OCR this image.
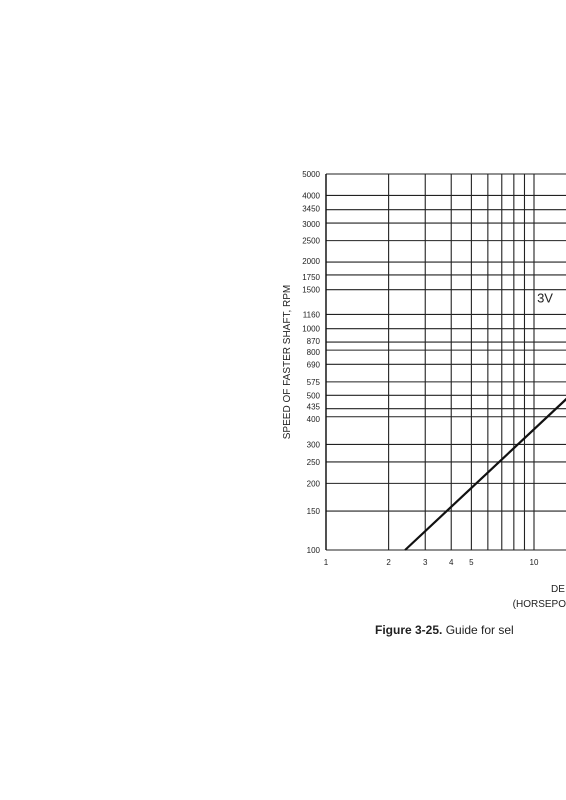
100
150
200
250
300
400
435
500
575
690
800
870
1000
1160
1500
1750
2000
2500
3000
3450
4000
5000
1	2	3	4 5	10
SPEED OF FASTER SHAFT, RPM	3V
DE
(HORSEPO
Figure 3-25. Guide for sel
